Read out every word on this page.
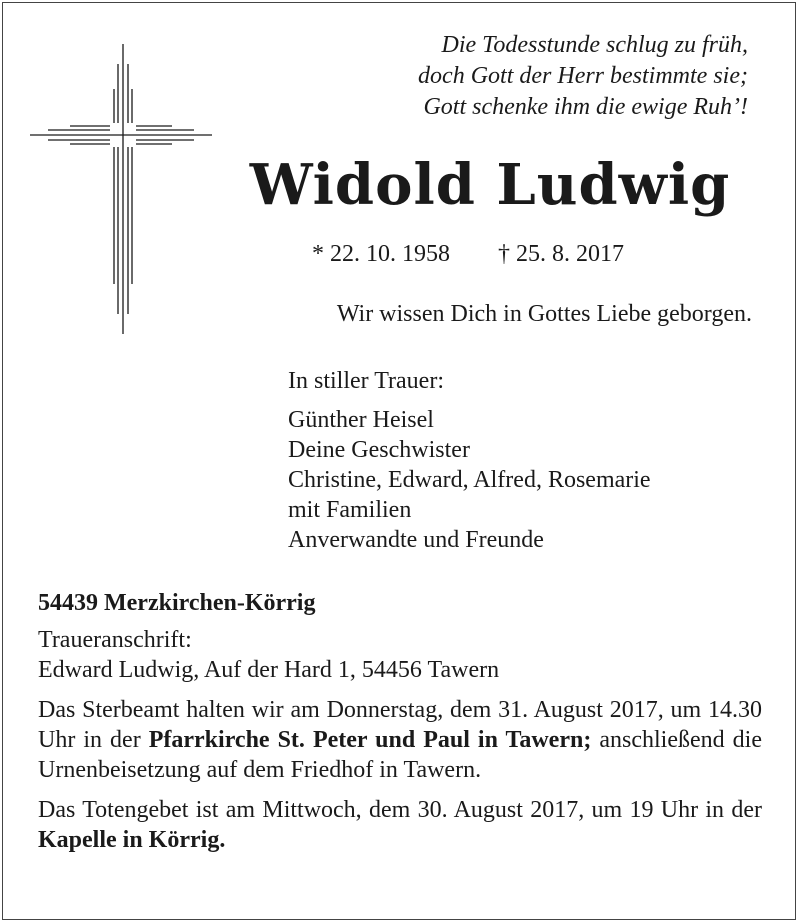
Die Todesstunde schlug zu früh,
doch Gott der Herr bestimmte sie;
Gott schenke ihm die ewige Ruh’!
Widold Ludwig
* 22. 10. 1958 † 25. 8. 2017
Wir wissen Dich in Gottes Liebe geborgen.
In stiller Trauer:
Günther Heisel
Deine Geschwister
Christine, Edward, Alfred, Rosemarie
mit Familien
Anverwandte und Freunde
54439 Merzkirchen-Körrig
Traueranschrift:
Edward Ludwig, Auf der Hard 1, 54456 Tawern
Das Sterbeamt halten wir am Donnerstag, dem 31. August 2017, um 14.30 Uhr in der Pfarrkirche St. Peter und Paul in Tawern; anschließend die Urnenbeisetzung auf dem Friedhof in Tawern.
Das Totengebet ist am Mittwoch, dem 30. August 2017, um 19 Uhr in der Kapelle in Körrig.
